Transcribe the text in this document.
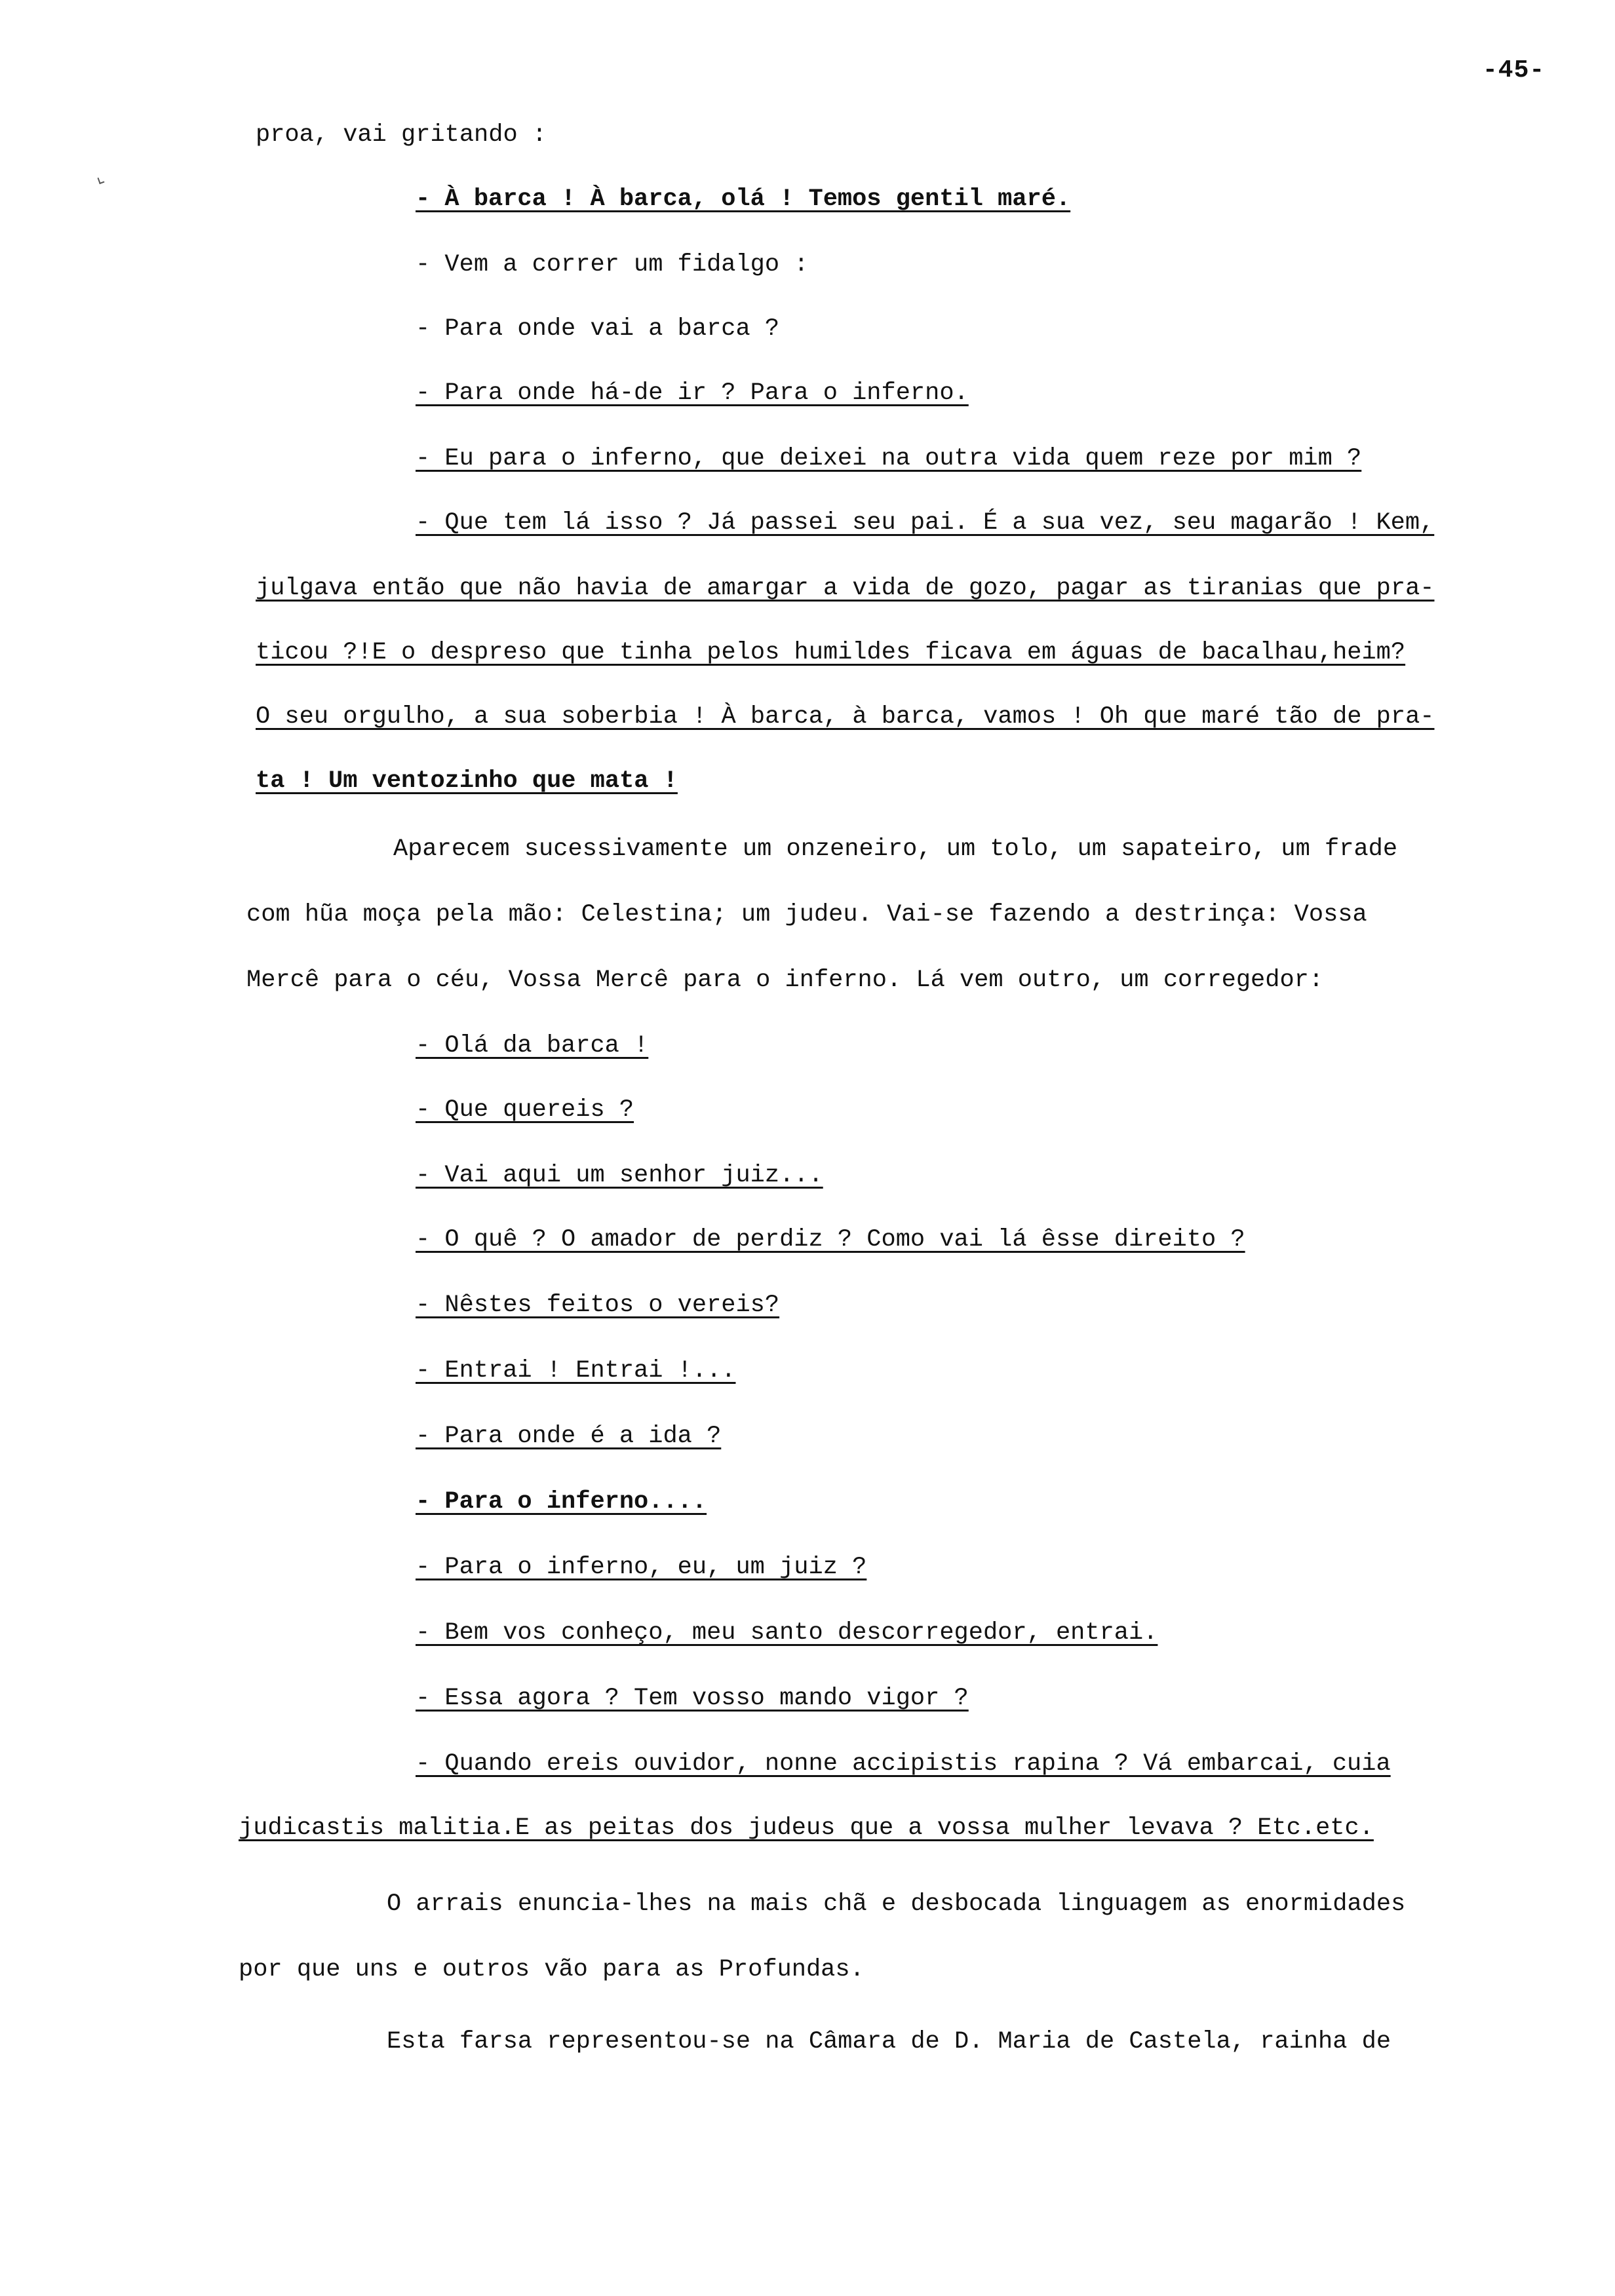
-45-
proa, vai gritando :
- À barca ! À barca, olá ! Temos gentil maré.
- Vem a correr um fidalgo :
- Para onde vai a barca ?
- Para onde há-de ir ? Para o inferno.
- Eu para o inferno, que deixei na outra vida quem reze por mim ?
- Que tem lá isso ? Já passei seu pai. É a sua vez, seu magarão ! Kem,
julgava então que não havia de amargar a vida de gozo, pagar as tiranias que pra-
ticou ?!E o despreso que tinha pelos humildes ficava em águas de bacalhau,heim?
O seu orgulho, a sua soberbia ! À barca, à barca, vamos ! Oh que maré tão de pra-
ta ! Um ventozinho que mata !
Aparecem sucessivamente um onzeneiro, um tolo, um sapateiro, um frade
com hũa moça pela mão: Celestina; um judeu. Vai-se fazendo a destrinça: Vossa
Mercê para o céu, Vossa Mercê para o inferno. Lá vem outro, um corregedor:
- Olá da barca !
- Que quereis ?
- Vai aqui um senhor juiz...
- O quê ? O amador de perdiz ? Como vai lá êsse direito ?
- Nêstes feitos o vereis?
- Entrai ! Entrai !...
- Para onde é a ida ?
- Para o inferno....
- Para o inferno, eu, um juiz ?
- Bem vos conheço, meu santo descorregedor, entrai.
- Essa agora ? Tem vosso mando vigor ?
- Quando ereis ouvidor, nonne accipistis rapina ? Vá embarcai, cuia
judicastis malitia.E as peitas dos judeus que a vossa mulher levava ? Etc.etc.
O arrais enuncia-lhes na mais chã e desbocada linguagem as enormidades
por que uns e outros vão para as Profundas.
Esta farsa representou-se na Câmara de D. Maria de Castela, rainha de
